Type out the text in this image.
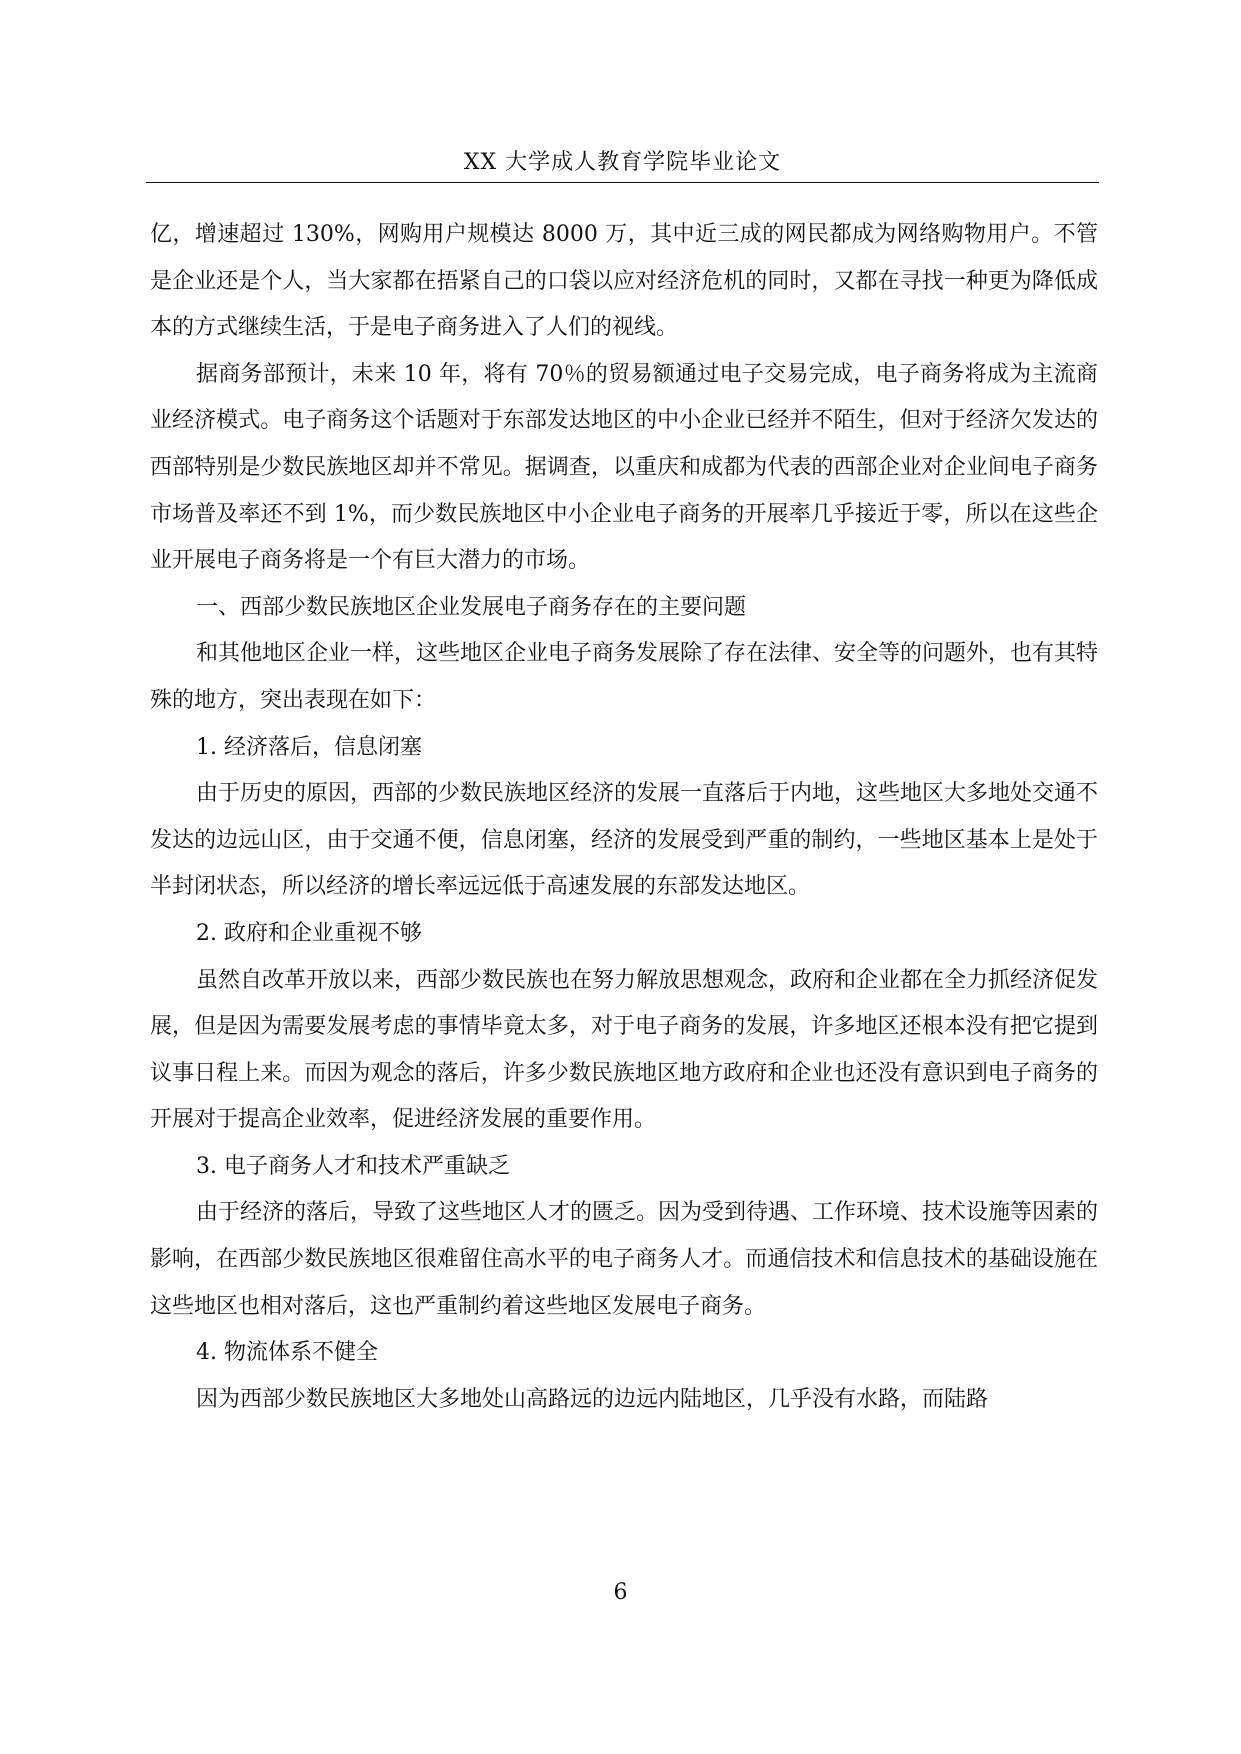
XX 大学成人教育学院毕业论文

亿，增速超过 130%，网购用户规模达 8000 万，其中近三成的网民都成为网络购物用户。不管是企业还是个人，当大家都在捂紧自己的口袋以应对经济危机的同时，又都在寻找一种更为降低成本的方式继续生活，于是电子商务进入了人们的视线。

据商务部预计，未来 10 年，将有 70％的贸易额通过电子交易完成，电子商务将成为主流商业经济模式。电子商务这个话题对于东部发达地区的中小企业已经并不陌生，但对于经济欠发达的西部特别是少数民族地区却并不常见。据调查，以重庆和成都为代表的西部企业对企业间电子商务市场普及率还不到 1%，而少数民族地区中小企业电子商务的开展率几乎接近于零，所以在这些企业开展电子商务将是一个有巨大潜力的市场。

一、西部少数民族地区企业发展电子商务存在的主要问题

和其他地区企业一样，这些地区企业电子商务发展除了存在法律、安全等的问题外，也有其特殊的地方，突出表现在如下：

1. 经济落后，信息闭塞

由于历史的原因，西部的少数民族地区经济的发展一直落后于内地，这些地区大多地处交通不发达的边远山区，由于交通不便，信息闭塞，经济的发展受到严重的制约，一些地区基本上是处于半封闭状态，所以经济的增长率远远低于高速发展的东部发达地区。

2. 政府和企业重视不够

虽然自改革开放以来，西部少数民族也在努力解放思想观念，政府和企业都在全力抓经济促发展，但是因为需要发展考虑的事情毕竟太多，对于电子商务的发展，许多地区还根本没有把它提到议事日程上来。而因为观念的落后，许多少数民族地区地方政府和企业也还没有意识到电子商务的开展对于提高企业效率，促进经济发展的重要作用。

3. 电子商务人才和技术严重缺乏

由于经济的落后，导致了这些地区人才的匮乏。因为受到待遇、工作环境、技术设施等因素的影响，在西部少数民族地区很难留住高水平的电子商务人才。而通信技术和信息技术的基础设施在这些地区也相对落后，这也严重制约着这些地区发展电子商务。

4. 物流体系不健全

因为西部少数民族地区大多地处山高路远的边远内陆地区，几乎没有水路，而陆路

6
